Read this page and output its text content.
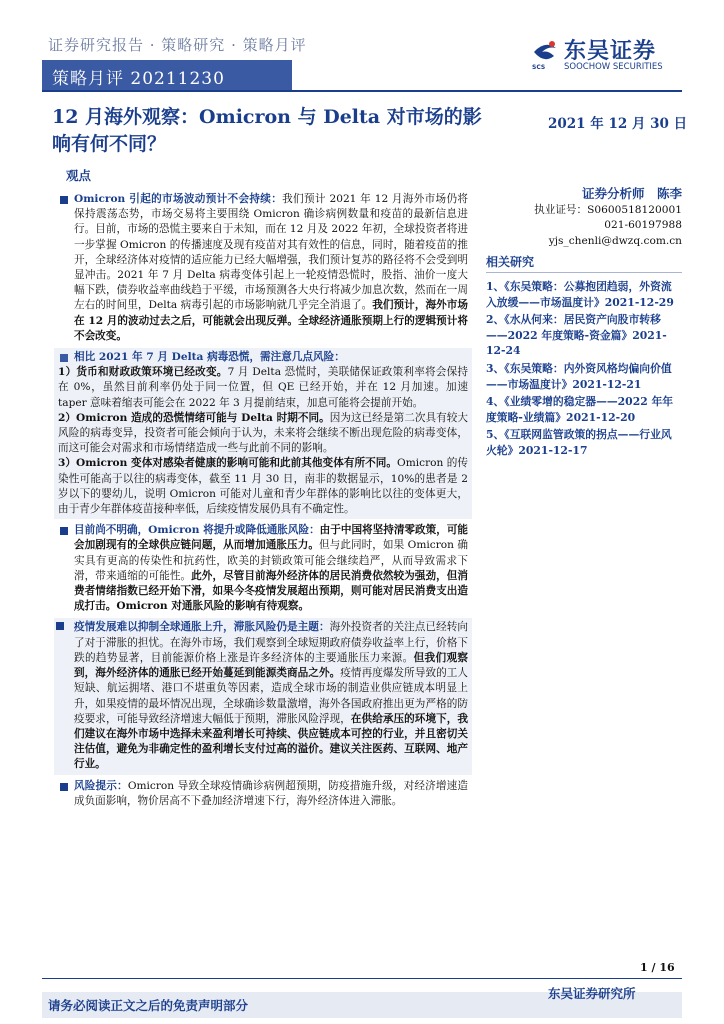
证券研究报告 · 策略研究 · 策略月评
策略月评 20211230
SCS
东吴证券
SOOCHOW SECURITIES
12 月海外观察：Omicron 与 Delta 对市场的影响有何不同？
2021 年 12 月 30 日
观点
Omicron 引起的市场波动预计不会持续：我们预计 2021 年 12 月海外市场仍将保持震荡态势，市场交易将主要围绕 Omicron 确诊病例数量和疫苗的最新信息进行。目前，市场的恐慌主要来自于未知，而在 12 月及 2022 年初，全球投资者将进一步掌握 Omicron 的传播速度及现有疫苗对其有效性的信息，同时，随着疫苗的推开，全球经济体对疫情的适应能力已经大幅增强，我们预计复苏的路径将不会受到明显冲击。2021 年 7 月 Delta 病毒变体引起上一轮疫情恐慌时，股指、油价一度大幅下跌，债券收益率曲线趋于平缓，市场预测各大央行将减少加息次数，然而在一周左右的时间里，Delta 病毒引起的市场影响就几乎完全消退了。我们预计，海外市场在 12 月的波动过去之后，可能就会出现反弹。全球经济通胀预期上行的逻辑预计将不会改变。
相比 2021 年 7 月 Delta 病毒恐慌，需注意几点风险：
1）货币和财政政策环境已经改变。7 月 Delta 恐慌时，美联储保证政策利率将会保持在 0%，虽然目前利率仍处于同一位置，但 QE 已经开始，并在 12 月加速。加速 taper 意味着缩表可能会在 2022 年 3 月提前结束，加息可能将会提前开始。
2）Omicron 造成的恐慌情绪可能与 Delta 时期不同。因为这已经是第二次具有较大风险的病毒变异，投资者可能会倾向于认为，未来将会继续不断出现危险的病毒变体，而这可能会对需求和市场情绪造成一些与此前不同的影响。
3）Omicron 变体对感染者健康的影响可能和此前其他变体有所不同。Omicron 的传染性可能高于以往的病毒变体，截至 11 月 30 日，南非的数据显示，10%的患者是 2 岁以下的婴幼儿，说明 Omicron 可能对儿童和青少年群体的影响比以往的变体更大，由于青少年群体疫苗接种率低，后续疫情发展仍具有不确定性。
目前尚不明确，Omicron 将提升或降低通胀风险：由于中国将坚持清零政策，可能会加剧现有的全球供应链问题，从而增加通胀压力。但与此同时，如果 Omicron 确实具有更高的传染性和抗药性，欧美的封锁政策可能会继续趋严，从而导致需求下滑，带来通缩的可能性。此外，尽管目前海外经济体的居民消费依然较为强劲，但消费者情绪指数已经开始下滑，如果今冬疫情发展超出预期，则可能对居民消费支出造成打击。Omicron 对通胀风险的影响有待观察。
疫情发展难以抑制全球通胀上升，滞胀风险仍是主题：海外投资者的关注点已经转向了对于滞胀的担忧。在海外市场，我们观察到全球短期政府债券收益率上行，价格下跌的趋势显著，目前能源价格上涨是许多经济体的主要通胀压力来源。但我们观察到，海外经济体的通胀已经开始蔓延到能源类商品之外。疫情再度爆发所导致的工人短缺、航运拥堵、港口不堪重负等因素，造成全球市场的制造业供应链成本明显上升，如果疫情的最坏情况出现，全球确诊数量激增，海外各国政府推出更为严格的防疫要求，可能导致经济增速大幅低于预期，滞胀风险浮现，在供给承压的环境下，我们建议在海外市场中选择未来盈利增长可持续、供应链成本可控的行业，并且密切关注估值，避免为非确定性的盈利增长支付过高的溢价。建议关注医药、互联网、地产行业。
风险提示：Omicron 导致全球疫情确诊病例超预期，防疫措施升级，对经济增速造成负面影响，物价居高不下叠加经济增速下行，海外经济体进入滞胀。
证券分析师　陈李
执业证号：S0600518120001
021-60197988
yjs_chenli@dwzq.com.cn
相关研究
1、《东吴策略：公募抱团趋弱，外资流入放缓——市场温度计》2021-12-29
2、《水从何来：居民资产向股市转移——2022 年度策略-资金篇》2021-12-24
3、《东吴策略：内外资风格均偏向价值——市场温度计》2021-12-21
4、《业绩零增的稳定器——2022 年年度策略-业绩篇》2021-12-20
5、《互联网监管政策的拐点——行业风火轮》2021-12-17
1 / 16
东吴证券研究所
请务必阅读正文之后的免责声明部分
